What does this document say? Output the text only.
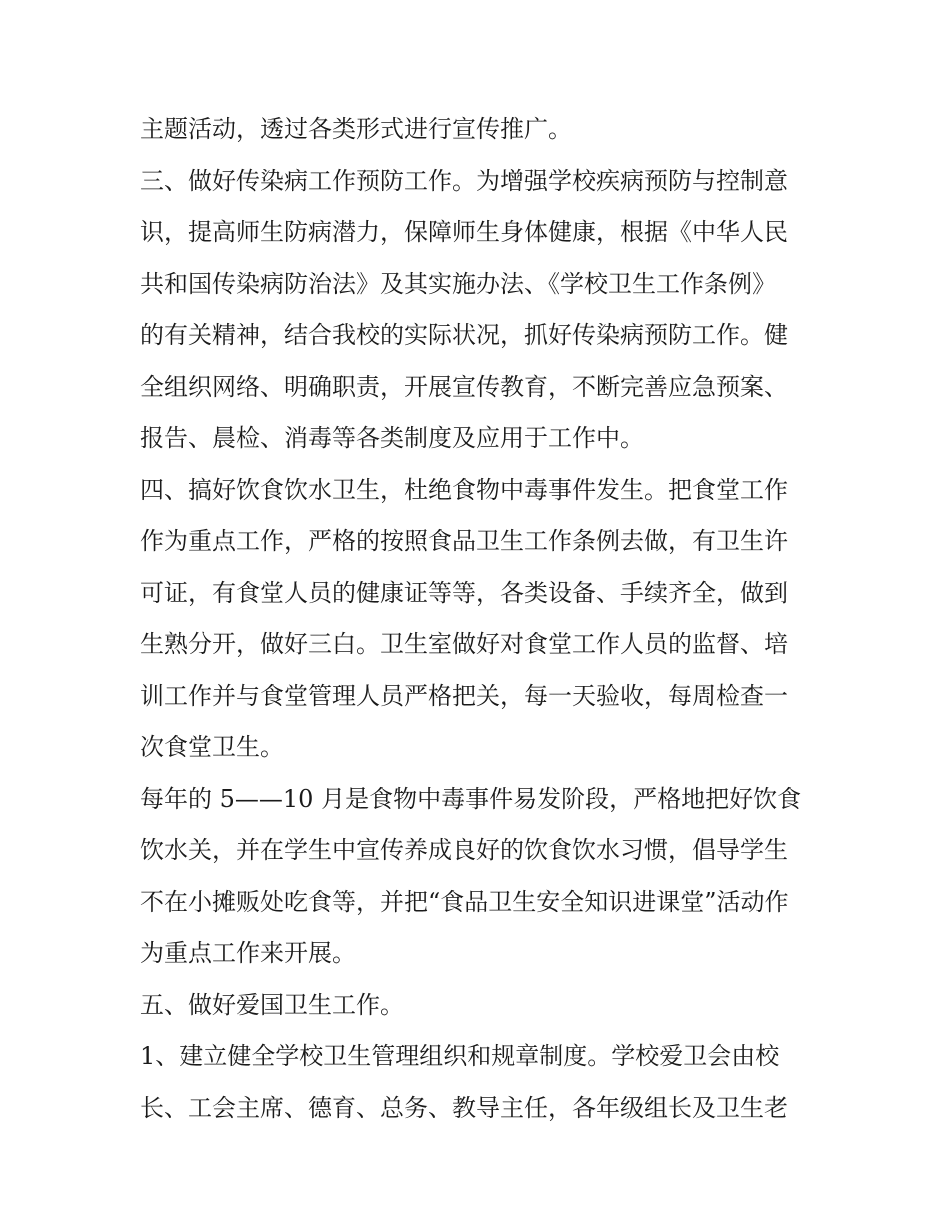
主题活动，透过各类形式进行宣传推广。
三、做好传染病工作预防工作。为增强学校疾病预防与控制意
识，提高师生防病潜力，保障师生身体健康，根据《中华人民
共和国传染病防治法》及其实施办法、《学校卫生工作条例》
的有关精神，结合我校的实际状况，抓好传染病预防工作。健
全组织网络、明确职责，开展宣传教育，不断完善应急预案、
报告、晨检、消毒等各类制度及应用于工作中。
四、搞好饮食饮水卫生，杜绝食物中毒事件发生。把食堂工作
作为重点工作，严格的按照食品卫生工作条例去做，有卫生许
可证，有食堂人员的健康证等等，各类设备、手续齐全，做到
生熟分开，做好三白。卫生室做好对食堂工作人员的监督、培
训工作并与食堂管理人员严格把关，每一天验收，每周检查一
次食堂卫生。
每年的 5——10 月是食物中毒事件易发阶段，严格地把好饮食
饮水关，并在学生中宣传养成良好的饮食饮水习惯，倡导学生
不在小摊贩处吃食等，并把“食品卫生安全知识进课堂”活动作
为重点工作来开展。
五、做好爱国卫生工作。
1、建立健全学校卫生管理组织和规章制度。学校爱卫会由校
长、工会主席、德育、总务、教导主任，各年级组长及卫生老
